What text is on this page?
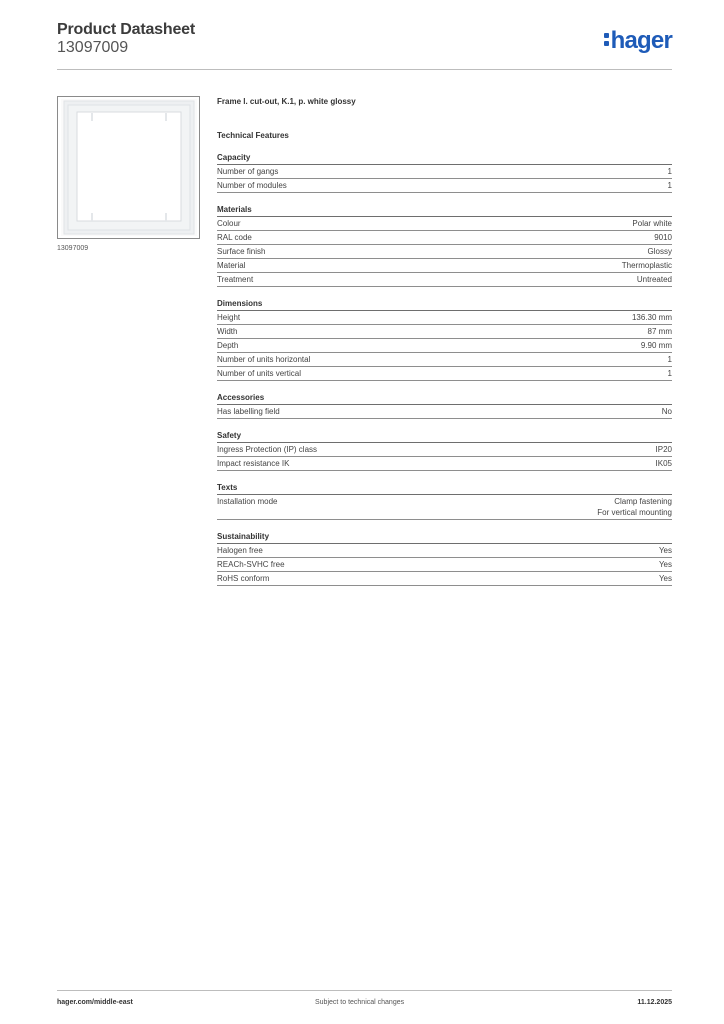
Product Datasheet
13097009	hager
13097009
Frame l. cut-out, K.1, p. white glossy
Technical Features
Capacity
Number of gangs	1
Number of modules	1
Materials
Colour	Polar white
RAL code	9010
Surface finish	Glossy
Material	Thermoplastic
Treatment	Untreated
Dimensions
Height	136.30 mm
Width	87 mm
Depth	9.90 mm
Number of units horizontal	1
Number of units vertical	1
Accessories
Has labelling field	No
Safety
Ingress Protection (IP) class	IP20
Impact resistance IK	IK05
Texts
Installation mode	Clamp fastening
For vertical mounting
Sustainability
Halogen free	Yes
REACh-SVHC free	Yes
RoHS conform	Yes
hager.com/middle-east	Subject to technical changes	11.12.2025
